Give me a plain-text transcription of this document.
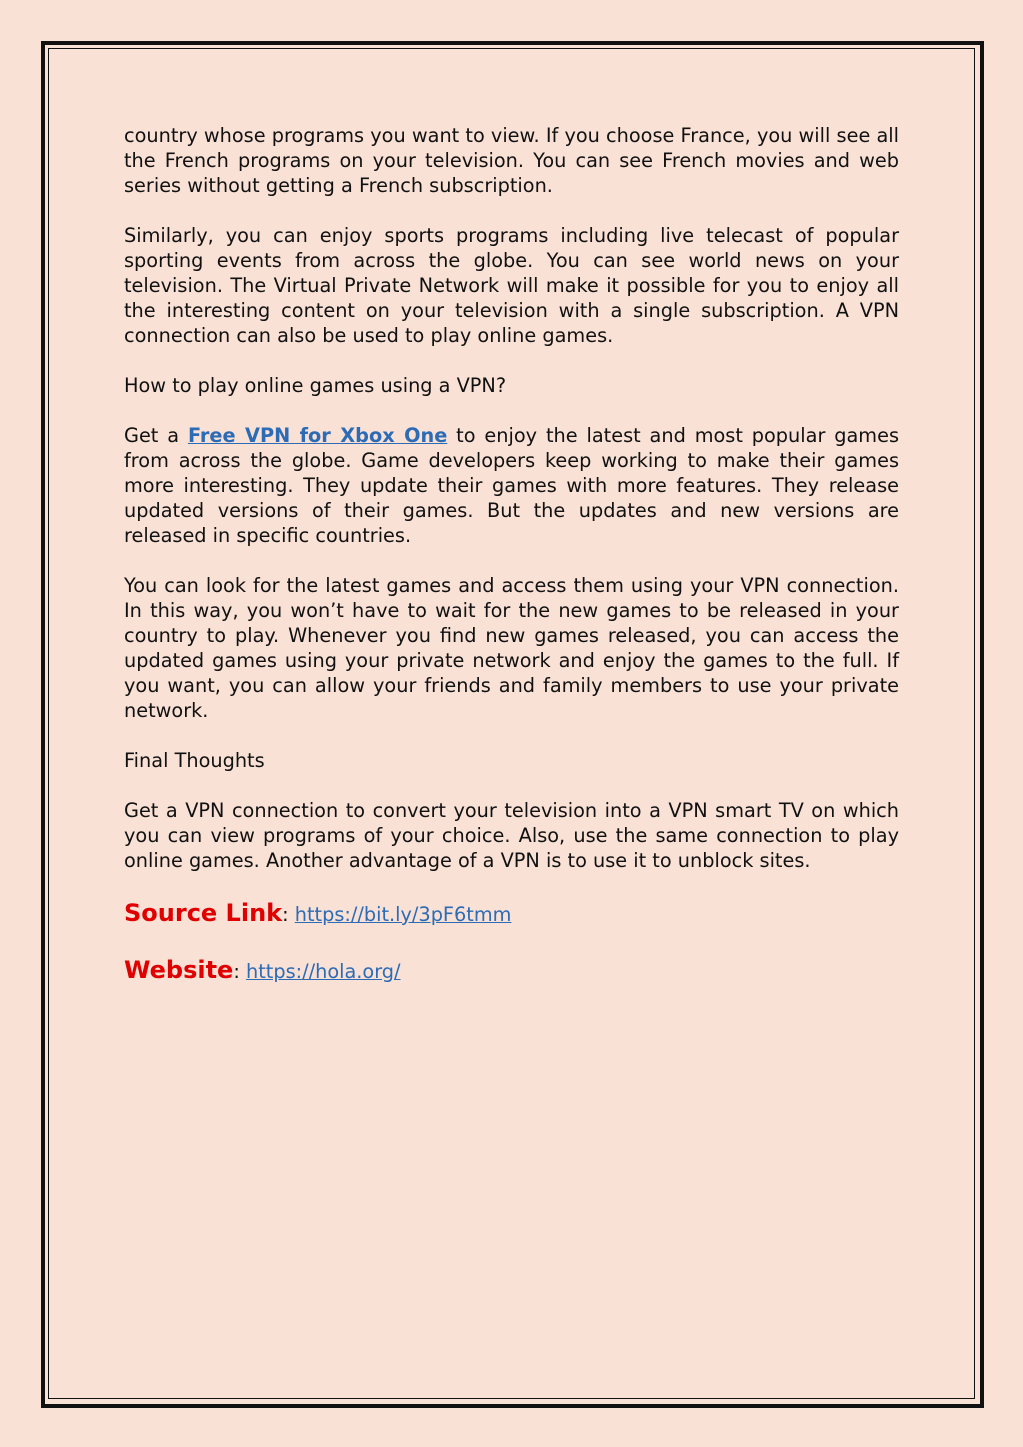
country whose programs you want to view. If you choose France, you will see all the French programs on your television. You can see French movies and web series without getting a French subscription.

Similarly, you can enjoy sports programs including live telecast of popular sporting events from across the globe. You can see world news on your television. The Virtual Private Network will make it possible for you to enjoy all the interesting content on your television with a single subscription. A VPN connection can also be used to play online games.

How to play online games using a VPN?

Get a Free VPN for Xbox One to enjoy the latest and most popular games from across the globe. Game developers keep working to make their games more interesting. They update their games with more features. They release updated versions of their games. But the updates and new versions are released in specific countries.

You can look for the latest games and access them using your VPN connection. In this way, you won’t have to wait for the new games to be released in your country to play. Whenever you find new games released, you can access the updated games using your private network and enjoy the games to the full. If you want, you can allow your friends and family members to use your private network.

Final Thoughts

Get a VPN connection to convert your television into a VPN smart TV on which you can view programs of your choice. Also, use the same connection to play online games. Another advantage of a VPN is to use it to unblock sites.

Source Link: https://bit.ly/3pF6tmm
Website: https://hola.org/
